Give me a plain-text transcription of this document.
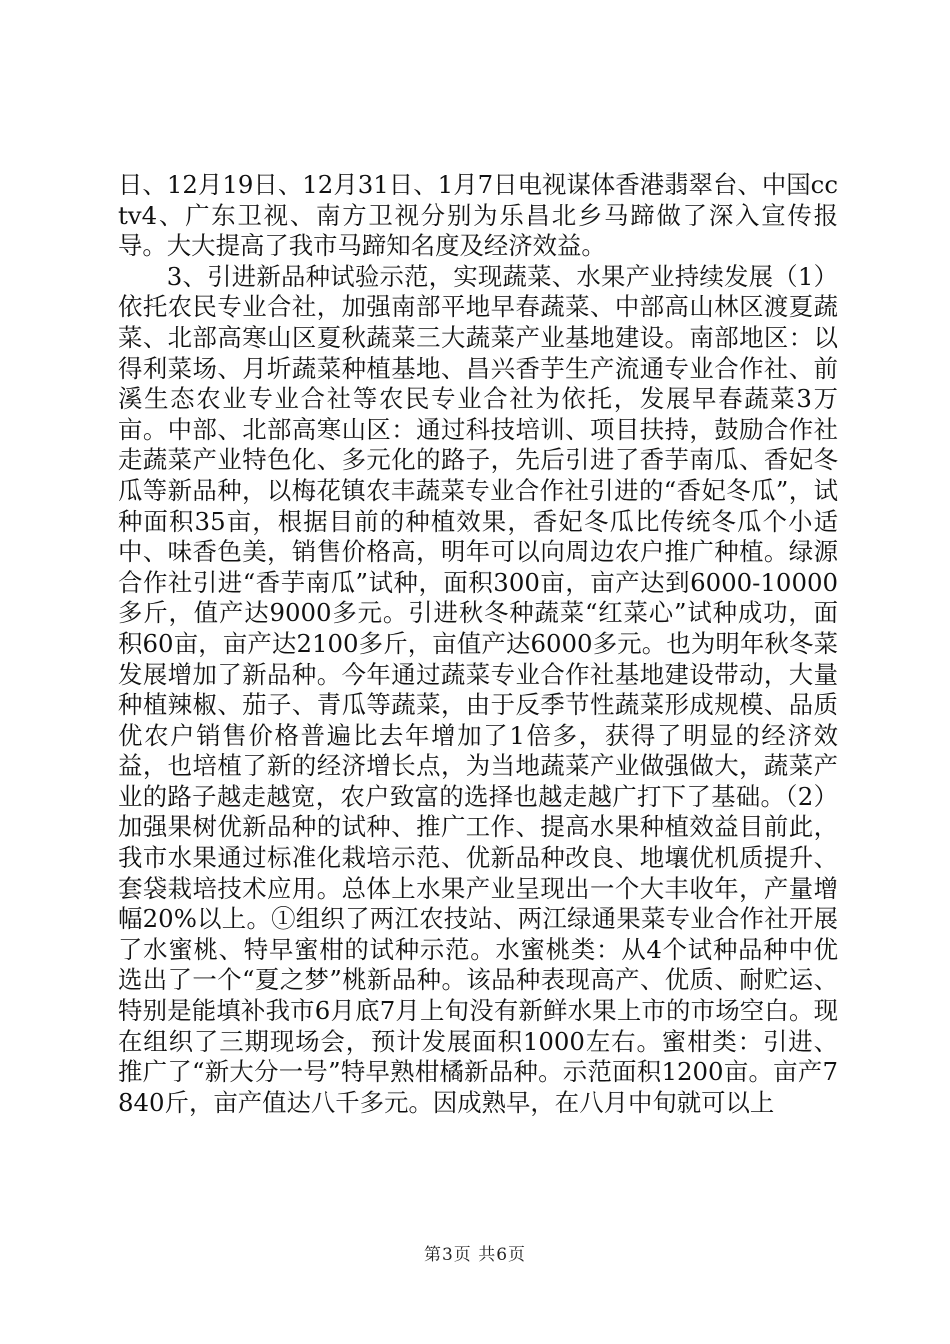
日、12月19日、12月31日、1月7日电视谋体香港翡翠台、中国cctv4、广东卫视、南方卫视分别为乐昌北乡马蹄做了深入宣传报导。大大提高了我市马蹄知名度及经济效益。

3、引进新品种试验示范，实现蔬菜、水果产业持续发展（1）依托农民专业合社，加强南部平地早春蔬菜、中部高山林区渡夏蔬菜、北部高寒山区夏秋蔬菜三大蔬菜产业基地建设。南部地区：以得利菜场、月圻蔬菜种植基地、昌兴香芋生产流通专业合作社、前溪生态农业专业合社等农民专业合社为依托，发展早春蔬菜3万亩。中部、北部高寒山区：通过科技培训、项目扶持，鼓励合作社走蔬菜产业特色化、多元化的路子，先后引进了香芋南瓜、香妃冬瓜等新品种，以梅花镇农丰蔬菜专业合作社引进的“香妃冬瓜”，试种面积35亩，根据目前的种植效果，香妃冬瓜比传统冬瓜个小适中、味香色美，销售价格高，明年可以向周边农户推广种植。绿源合作社引进“香芋南瓜”试种，面积300亩，亩产达到6000-10000多斤，值产达9000多元。引进秋冬种蔬菜“红菜心”试种成功，面积60亩，亩产达2100多斤，亩值产达6000多元。也为明年秋冬菜发展增加了新品种。今年通过蔬菜专业合作社基地建设带动，大量种植辣椒、茄子、青瓜等蔬菜，由于反季节性蔬菜形成规模、品质优农户销售价格普遍比去年增加了1倍多，获得了明显的经济效益，也培植了新的经济增长点，为当地蔬菜产业做强做大，蔬菜产业的路子越走越宽，农户致富的选择也越走越广打下了基础。（2）加强果树优新品种的试种、推广工作、提高水果种植效益目前此，我市水果通过标准化栽培示范、优新品种改良、地壤优机质提升、套袋栽培技术应用。总体上水果产业呈现出一个大丰收年，产量增幅20%以上。①组织了两江农技站、两江绿通果菜专业合作社开展了水蜜桃、特早蜜柑的试种示范。水蜜桃类：从4个试种品种中优选出了一个“夏之梦”桃新品种。该品种表现高产、优质、耐贮运、特别是能填补我市6月底7月上旬没有新鲜水果上市的市场空白。现在组织了三期现场会，预计发展面积1000左右。蜜柑类：引进、推广了“新大分一号”特早熟柑橘新品种。示范面积1200亩。亩产7840斤，亩产值达八千多元。因成熟早，在八月中旬就可以上

第3页 共6页
